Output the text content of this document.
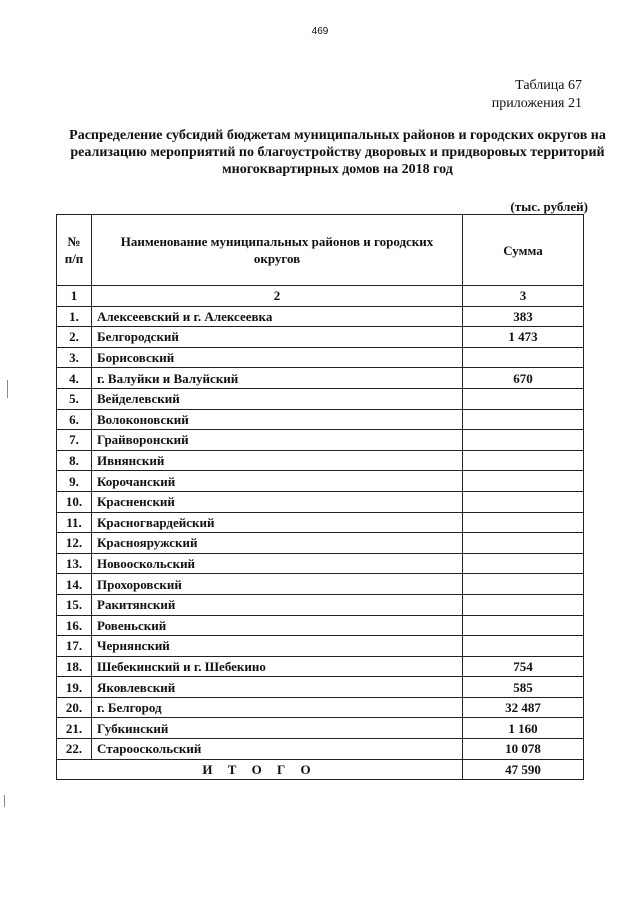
469
Таблица 67
приложения 21
Распределение субсидий бюджетам муниципальных районов и городских округов на реализацию мероприятий по благоустройству дворовых и придворовых территорий многоквартирных домов на 2018 год
(тыс. рублей)
№ п/п	Наименование муниципальных районов и городских округов	Сумма
1	2	3
1.	Алексеевский и г. Алексеевка	383
2.	Белгородский	1 473
3.	Борисовский	
4.	г. Валуйки и Валуйский	670
5.	Вейделевский	
6.	Волоконовский	
7.	Грайворонский	
8.	Ивнянский	
9.	Корочанский	
10.	Красненский	
11.	Красногвардейский	
12.	Краснояружский	
13.	Новооскольский	
14.	Прохоровский	
15.	Ракитянский	
16.	Ровеньский	
17.	Чернянский	
18.	Шебекинский и г. Шебекино	754
19.	Яковлевский	585
20.	г. Белгород	32 487
21.	Губкинский	1 160
22.	Старооскольский	10 078
И Т О Г О		47 590
